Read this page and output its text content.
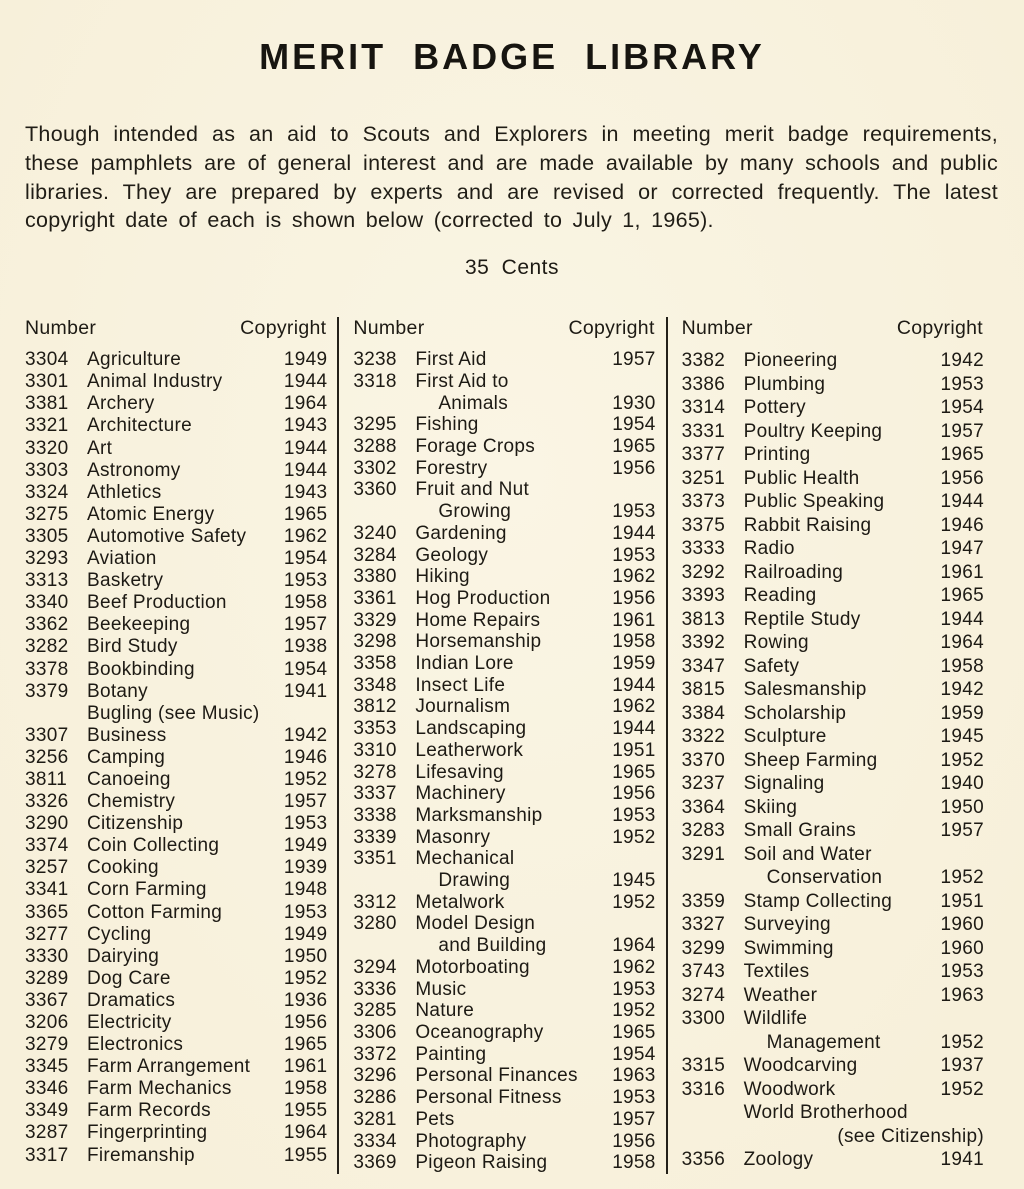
MERIT BADGE LIBRARY

Though intended as an aid to Scouts and Explorers in meeting merit badge requirements, these pamphlets are of general interest and are made available by many schools and public libraries. They are prepared by experts and are revised or corrected frequently. The latest copyright date of each is shown below (corrected to July 1, 1965).

35 Cents

Number	Copyright
3304 Agriculture	1949
3301 Animal Industry	1944
3381 Archery	1964
3321 Architecture	1943
3320 Art	1944
3303 Astronomy	1944
3324 Athletics	1943
3275 Atomic Energy	1965
3305 Automotive Safety	1962
3293 Aviation	1954
3313 Basketry	1953
3340 Beef Production	1958
3362 Beekeeping	1957
3282 Bird Study	1938
3378 Bookbinding	1954
3379 Botany	1941
Bugling (see Music)
3307 Business	1942
3256 Camping	1946
3811	Canoeing	1952
3326 Chemistry	1957
3290 Citizenship	1953
3374 Coin Collecting	1949
3257 Cooking	1939
3341 Corn Farming	1948
3365 Cotton Farming	1953
3277 Cycling	1949
3330 Dairying	1950
3289 Dog Care	1952
3367 Dramatics	1936
3206 Electricity	1956
3279 Electronics	1965
3345 Farm Arrangement	1961
3346 Farm Mechanics	1958
3349 Farm Records	1955
3287 Fingerprinting	1964
3317 Firemanship	1955
Number	Copyright
3238 First Aid	1957
3318 First Aid to
Animals	1930
3295 Fishing	1954
3288 Forage Crops	1965
3302 Forestry	1956
3360 Fruit and Nut
Growing	1953
3240 Gardening	1944
3284 Geology	1953
3380 Hiking	1962
3361 Hog Production	1956
3329 Home Repairs	1961
3298 Horsemanship	1958
3358 Indian Lore	1959
3348 Insect Life	1944
3812 Journalism	1962
3353 Landscaping	1944
3310 Leatherwork	1951
3278 Lifesaving	1965
3337 Machinery	1956
3338 Marksmanship	1953
3339 Masonry	1952
3351 Mechanical
Drawing	1945
3312 Metalwork	1952
3280 Model Design
and Building	1964
3294 Motorboating	1962
3336 Music	1953
3285 Nature	1952
3306 Oceanography	1965
3372 Painting	1954
3296 Personal Finances	1963
3286 Personal Fitness	1953
3281 Pets	1957
3334 Photography	1956
3369 Pigeon Raising	1958
Number	Copyright
3382 Pioneering	1942
3386 Plumbing	1953
3314 Pottery	1954
3331 Poultry Keeping	1957
3377 Printing	1965
3251 Public Health	1956
3373 Public Speaking	1944
3375 Rabbit Raising	1946
3333 Radio	1947
3292 Railroading	1961
3393 Reading	1965
3813 Reptile Study	1944
3392 Rowing	1964
3347 Safety	1958
3815 Salesmanship	1942
3384 Scholarship	1959
3322 Sculpture	1945
3370 Sheep Farming	1952
3237 Signaling	1940
3364 Skiing	1950
3283 Small Grains	1957
3291 Soil and Water
Conservation	1952
3359 Stamp Collecting	1951
3327 Surveying	1960
3299 Swimming	1960
3743 Textiles	1953
3274 Weather	1963
3300 Wildlife
Management	1952
3315 Woodcarving	1937
3316 Woodwork	1952
World Brotherhood
(see Citizenship)
3356 Zoology	1941
